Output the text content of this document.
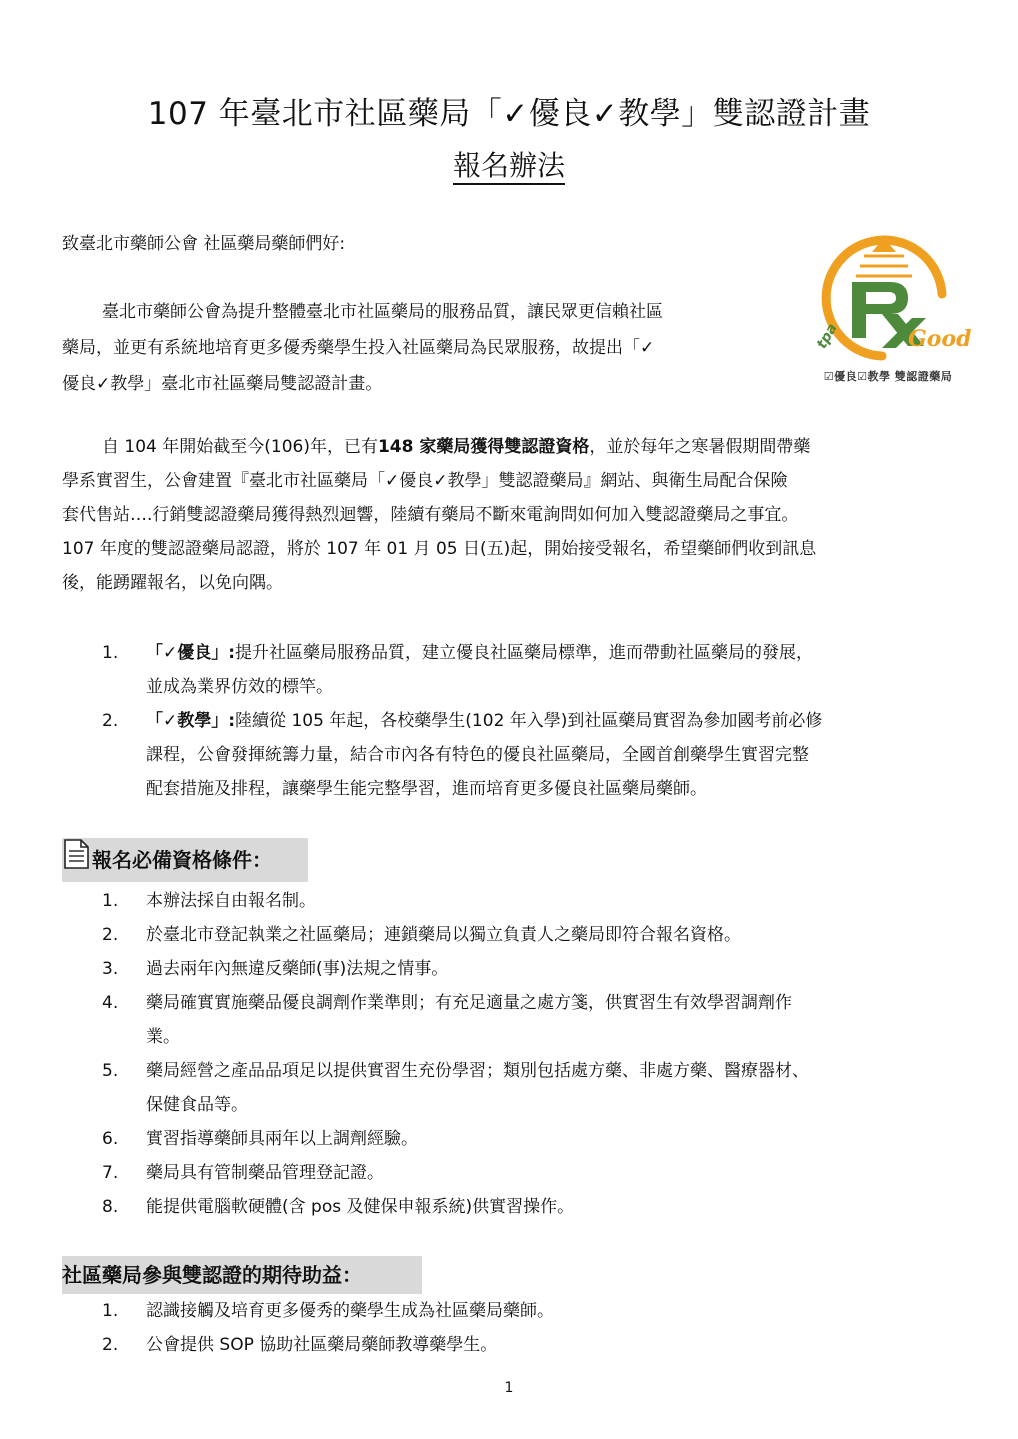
107 年臺北市社區藥局「✓優良✓教學」雙認證計畫
報名辦法
致臺北市藥師公會 社區藥局藥師們好:
Good
tpa
☑優良☑教學 雙認證藥局
臺北市藥師公會為提升整體臺北市社區藥局的服務品質，讓民眾更信賴社區
藥局，並更有系統地培育更多優秀藥學生投入社區藥局為民眾服務，故提出「✓
優良✓教學」臺北市社區藥局雙認證計畫。
自 104 年開始截至今(106)年，已有148 家藥局獲得雙認證資格，並於每年之寒暑假期間帶藥
學系實習生，公會建置『臺北市社區藥局「✓優良✓教學」雙認證藥局』網站、與衛生局配合保險
套代售站….行銷雙認證藥局獲得熱烈迴響，陸續有藥局不斷來電詢問如何加入雙認證藥局之事宜。
107 年度的雙認證藥局認證，將於 107 年 01 月 05 日(五)起，開始接受報名，希望藥師們收到訊息
後，能踴躍報名，以免向隅。
1. 「✓優良」:提升社區藥局服務品質，建立優良社區藥局標準，進而帶動社區藥局的發展，
並成為業界仿效的標竿。
2. 「✓教學」:陸續從 105 年起，各校藥學生(102 年入學)到社區藥局實習為參加國考前必修
課程，公會發揮統籌力量，結合市內各有特色的優良社區藥局，全國首創藥學生實習完整
配套措施及排程，讓藥學生能完整學習，進而培育更多優良社區藥局藥師。
報名必備資格條件：
1. 本辦法採自由報名制。
2. 於臺北市登記執業之社區藥局；連鎖藥局以獨立負責人之藥局即符合報名資格。
3. 過去兩年內無違反藥師(事)法規之情事。
4. 藥局確實實施藥品優良調劑作業準則；有充足適量之處方箋，供實習生有效學習調劑作
業。
5. 藥局經營之產品品項足以提供實習生充份學習；類別包括處方藥、非處方藥、醫療器材、
保健食品等。
6. 實習指導藥師具兩年以上調劑經驗。
7. 藥局具有管制藥品管理登記證。
8. 能提供電腦軟硬體(含 pos 及健保申報系統)供實習操作。
社區藥局參與雙認證的期待助益：
1. 認識接觸及培育更多優秀的藥學生成為社區藥局藥師。
2. 公會提供 SOP 協助社區藥局藥師教導藥學生。
1
